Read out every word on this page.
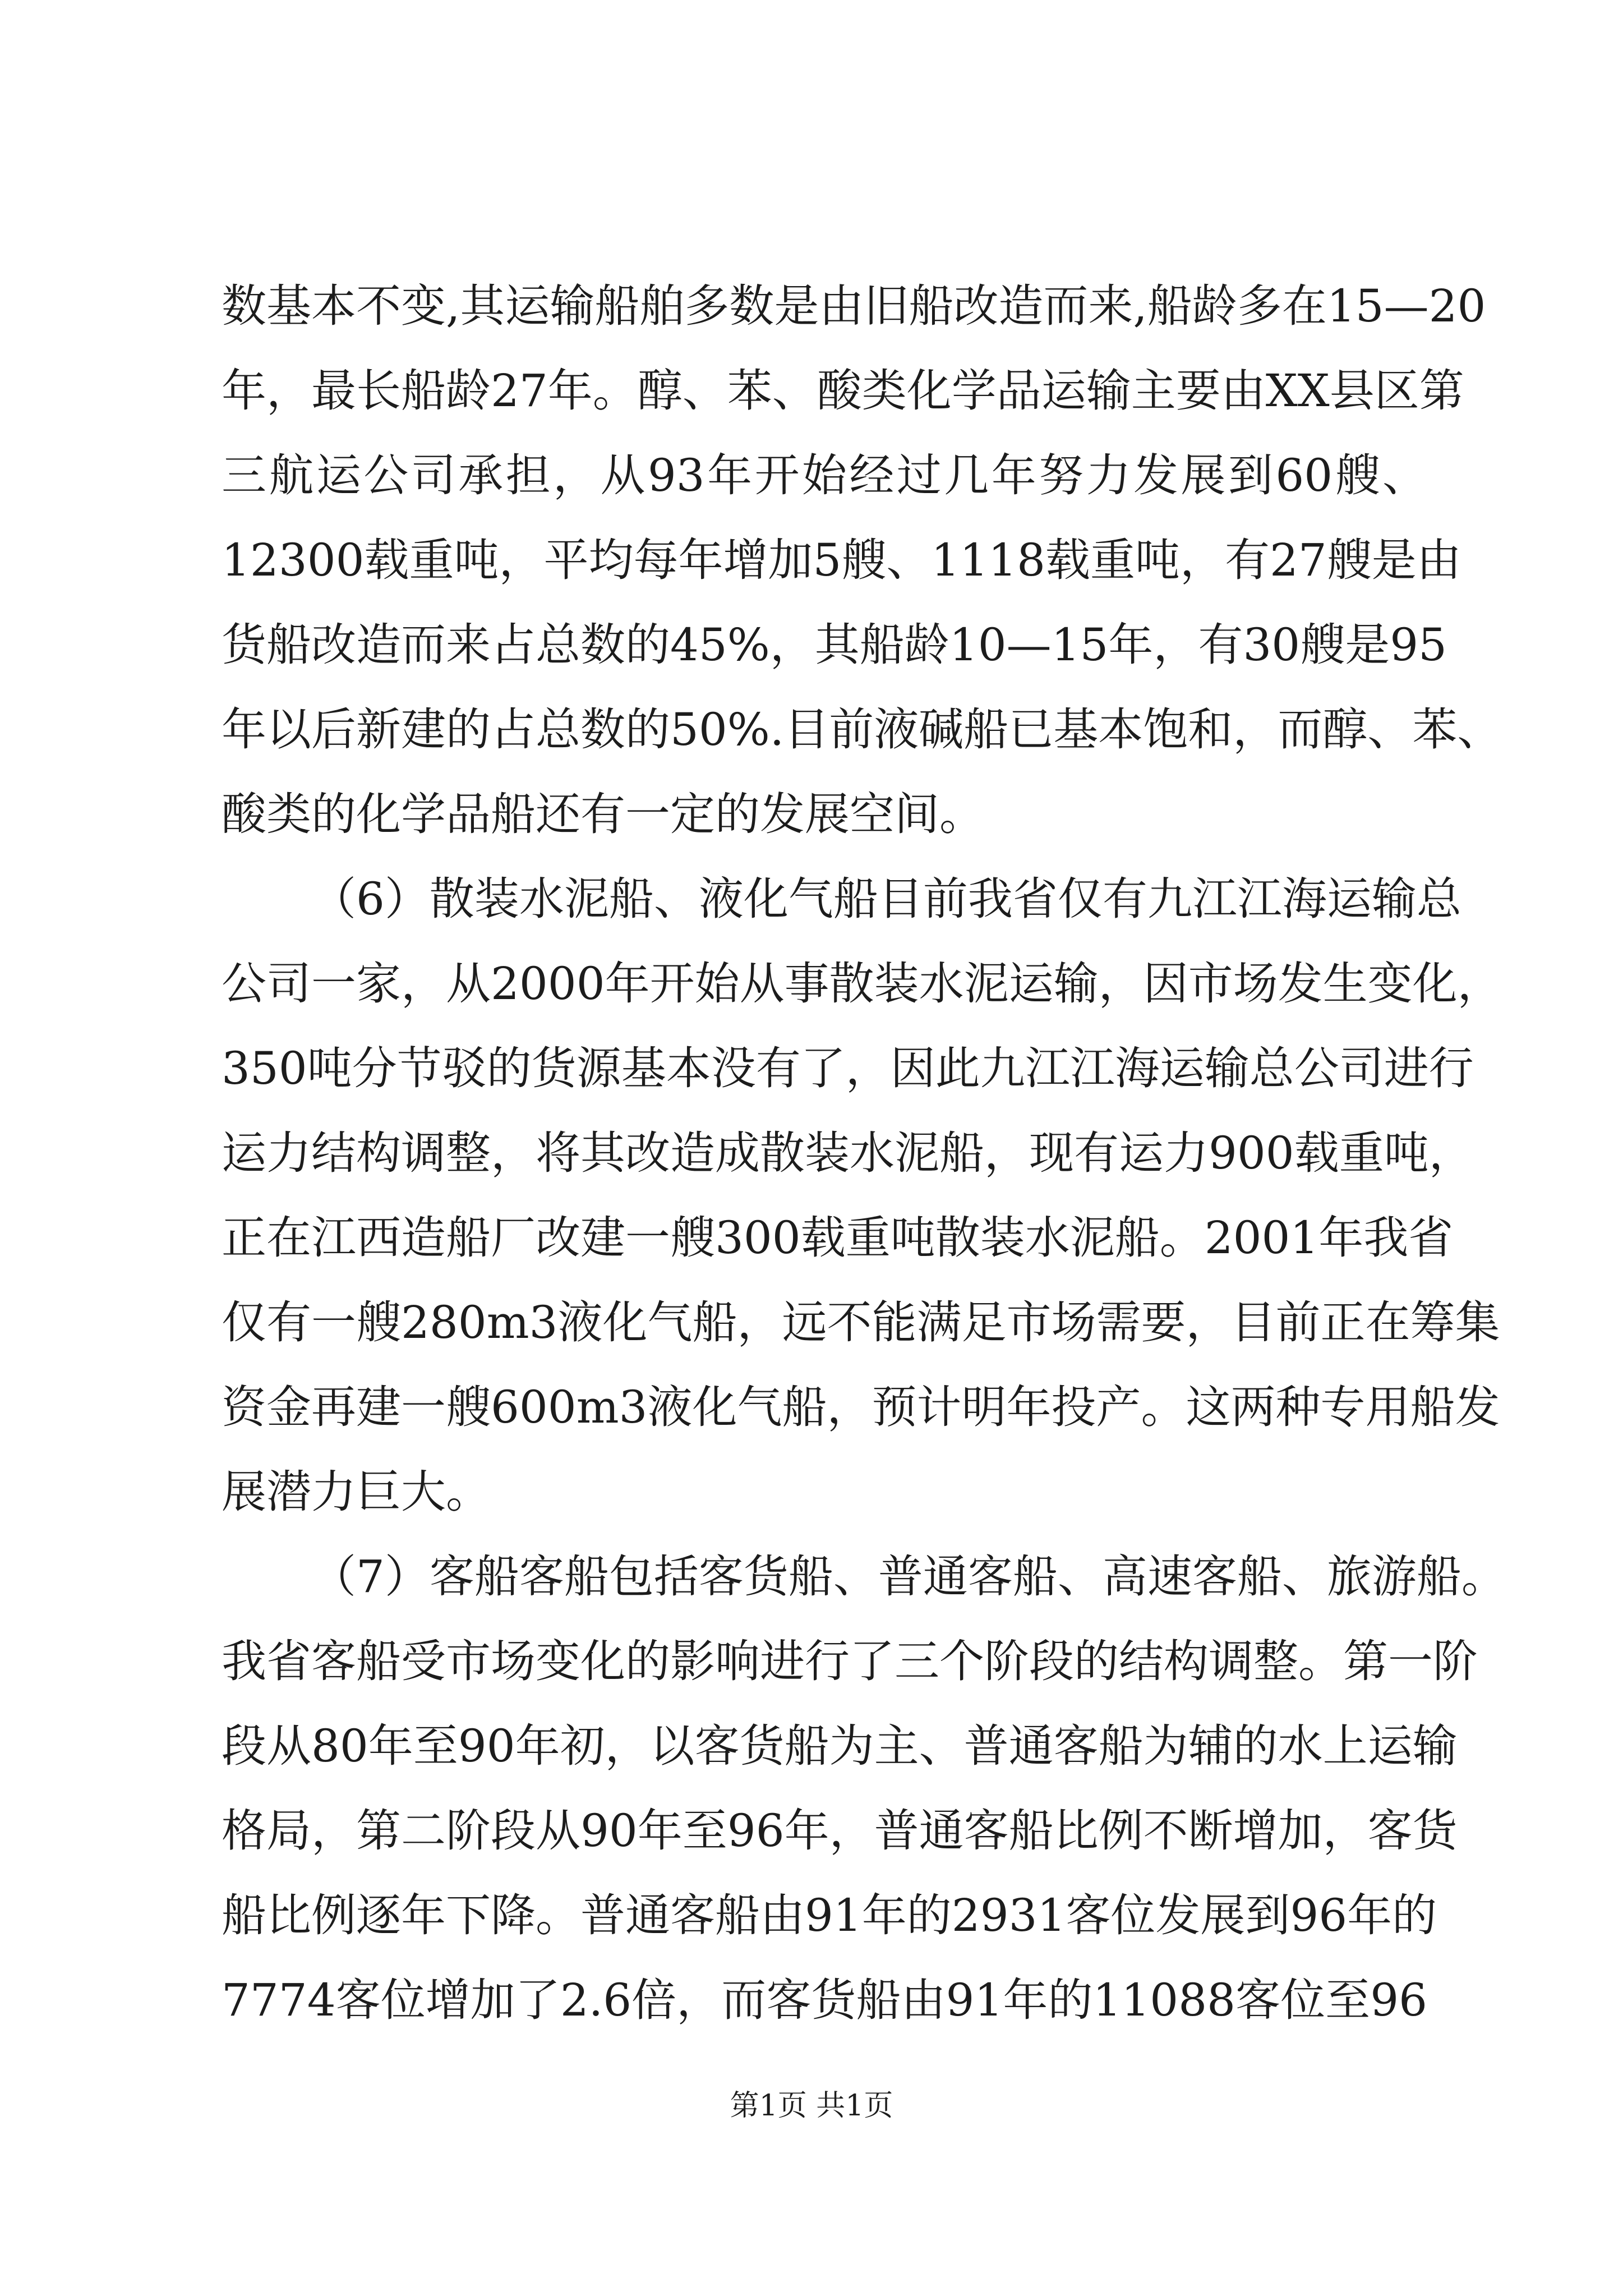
数基本不变,其运输船舶多数是由旧船改造而来,船龄多在15—20
年，最长船龄27年。醇、苯、酸类化学品运输主要由XX县区第
三航运公司承担，从93年开始经过几年努力发展到60艘、
12300载重吨，平均每年增加5艘、1118载重吨，有27艘是由
货船改造而来占总数的45%，其船龄10—15年，有30艘是95
年以后新建的占总数的50%.目前液碱船已基本饱和，而醇、苯、
酸类的化学品船还有一定的发展空间。
（6）散装水泥船、液化气船目前我省仅有九江江海运输总
公司一家，从2000年开始从事散装水泥运输，因市场发生变化，
350吨分节驳的货源基本没有了，因此九江江海运输总公司进行
运力结构调整，将其改造成散装水泥船，现有运力900载重吨，
正在江西造船厂改建一艘300载重吨散装水泥船。2001年我省
仅有一艘280m3液化气船，远不能满足市场需要，目前正在筹集
资金再建一艘600m3液化气船，预计明年投产。这两种专用船发
展潜力巨大。
（7）客船客船包括客货船、普通客船、高速客船、旅游船。
我省客船受市场变化的影响进行了三个阶段的结构调整。第一阶
段从80年至90年初，以客货船为主、普通客船为辅的水上运输
格局，第二阶段从90年至96年，普通客船比例不断增加，客货
船比例逐年下降。普通客船由91年的2931客位发展到96年的
7774客位增加了2.6倍，而客货船由91年的11088客位至96
第1页 共1页
